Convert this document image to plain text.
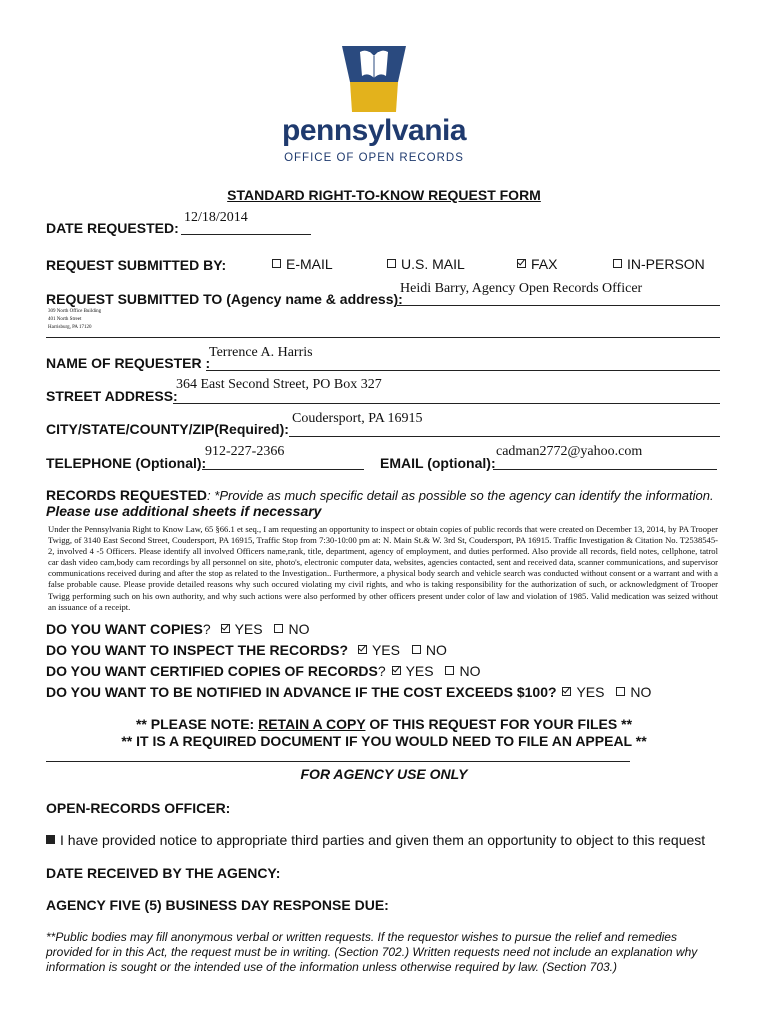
pennsylvania
OFFICE OF OPEN RECORDS
STANDARD RIGHT-TO-KNOW REQUEST FORM
DATE REQUESTED:
12/18/2014
REQUEST SUBMITTED BY:	E-MAIL	U.S. MAIL	FAX	IN-PERSON
REQUEST SUBMITTED TO (Agency name & address):
Heidi Barry, Agency Open Records Officer
309 North Office Building
401 North Street
Harrisburg, PA 17120
NAME OF REQUESTER :
Terrence A. Harris
STREET ADDRESS:
364 East Second Street, PO Box 327
CITY/STATE/COUNTY/ZIP(Required):
Coudersport, PA 16915
TELEPHONE (Optional):
912-227-2366
EMAIL (optional):
cadman2772@yahoo.com
RECORDS REQUESTED: *Provide as much specific detail as possible so the agency can identify the information.
Please use additional sheets if necessary
Under the Pennsylvania Right to Know Law, 65 §66.1 et seq., I am requesting an opportunity to inspect or obtain copies of public records that were created on December 13, 2014, by PA Trooper Twigg, of 3140 East Second Street, Coudersport, PA 16915, Traffic Stop from 7:30-10:00 pm at: N. Main St.& W. 3rd St, Coudersport, PA 16915. Traffic Investigation & Citation No. T2538545-2, involved 4 -5 Officers. Please identify all involved Officers name,rank, title, department, agency of employment, and duties performed. Also provide all records, field notes, cellphone, tatrol car dash video cam,body cam recordings by all personnel on site, photo's, electronic computer data, websites, agencies contacted, sent and received data, scanner communications, and supervisor communications received during and after the stop as related to the Investigation.. Furthermore, a physical body search and vehicle search was conducted without consent or a warrant and with a false probable cause. Please provide detailed reasons why such occured violating my civil rights, and who is taking responsibility for the authorization of such, or acknowledgment of Trooper Twigg performing such on his own authority, and why such actions were also performed by other officers present under color of law and violation of 1985. Valid medication was seized without an issuance of a receipt.
DO YOU WANT COPIES? YES NO
DO YOU WANT TO INSPECT THE RECORDS? YES NO
DO YOU WANT CERTIFIED COPIES OF RECORDS? YES NO
DO YOU WANT TO BE NOTIFIED IN ADVANCE IF THE COST EXCEEDS $100? YES NO
** PLEASE NOTE: RETAIN A COPY OF THIS REQUEST FOR YOUR FILES **
** IT IS A REQUIRED DOCUMENT IF YOU WOULD NEED TO FILE AN APPEAL **
FOR AGENCY USE ONLY
OPEN-RECORDS OFFICER:
I have provided notice to appropriate third parties and given them an opportunity to object to this request
DATE RECEIVED BY THE AGENCY:
AGENCY FIVE (5) BUSINESS DAY RESPONSE DUE:
**Public bodies may fill anonymous verbal or written requests. If the requestor wishes to pursue the relief and remedies provided for in this Act, the request must be in writing. (Section 702.) Written requests need not include an explanation why information is sought or the intended use of the information unless otherwise required by law. (Section 703.)
